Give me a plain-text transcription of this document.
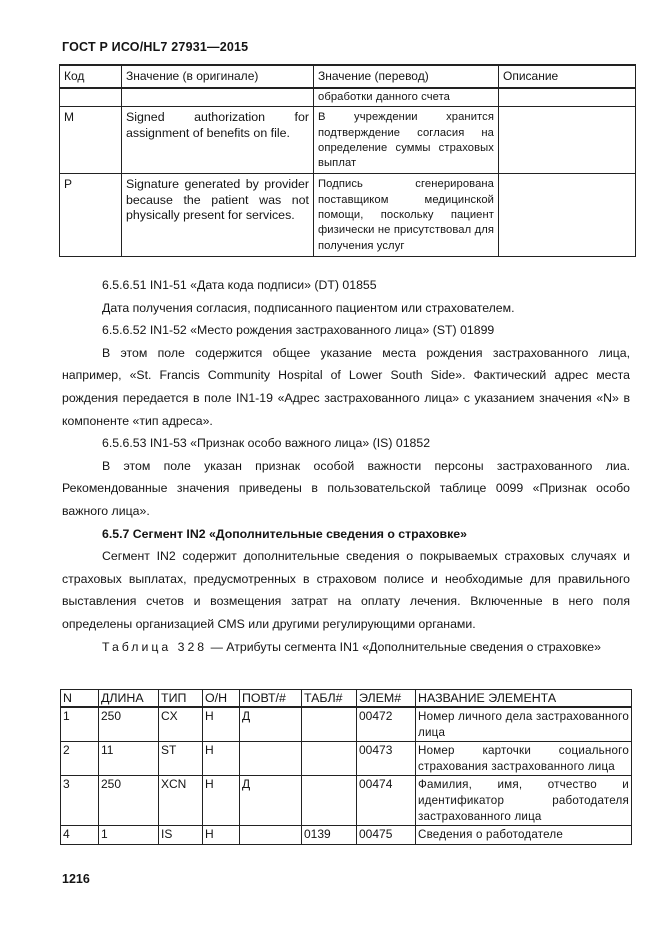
ГОСТ Р ИСО/HL7 27931—2015
Код	Значение (в оригинале)	Значение (перевод)	Описание
		обработки данного счета	
M	Signed authorization for assignment of benefits on file.	В учреждении хранится подтверждение согласия на определение суммы страховых выплат	
P	Signature generated by provider because the patient was not physically present for services.	Подпись сгенерирована поставщиком медицинской помощи, поскольку пациент физически не присутствовал для получения услуг	

6.5.6.51 IN1-51 «Дата кода подписи» (DT) 01855

Дата получения согласия, подписанного пациентом или страхователем.

6.5.6.52 IN1-52 «Место рождения застрахованного лица» (ST) 01899

В этом поле содержится общее указание места рождения застрахованного лица, например, «St. Francis Community Hospital of Lower South Side». Фактический адрес места рождения передается в поле IN1-19 «Адрес застрахованного лица» с указанием значения «N» в компоненте «тип адреса».

6.5.6.53 IN1-53 «Признак особо важного лица» (IS) 01852

В этом поле указан признак особой важности персоны застрахованного лиа. Рекомендованные значения приведены в пользовательской таблице 0099 «Признак особо важного лица».

6.5.7 Сегмент IN2 «Дополнительные сведения о страховке»

Сегмент IN2 содержит дополнительные сведения о покрываемых страховых случаях и страховых выплатах, предусмотренных в страховом полисе и необходимые для правильного выставления счетов и возмещения затрат на оплату лечения. Включенные в него поля определены организацией CMS или другими регулирующими органами.

Таблица 328 — Атрибуты сегмента IN1 «Дополнительные сведения о страховке»

N	ДЛИНА	ТИП	О/Н	ПОВТ/#	ТАБЛ#	ЭЛЕМ#	НАЗВАНИЕ ЭЛЕМЕНТА
1	250	CX	Н	Д		00472	Номер личного дела застрахованного лица
2	11	ST	Н			00473	Номер карточки социального страхования застрахованного лица
3	250	XCN	Н	Д		00474	Фамилия, имя, отчество и идентификатор работодателя застрахованного лица
4	1	IS	Н		0139	00475	Сведения о работодателе
1216
